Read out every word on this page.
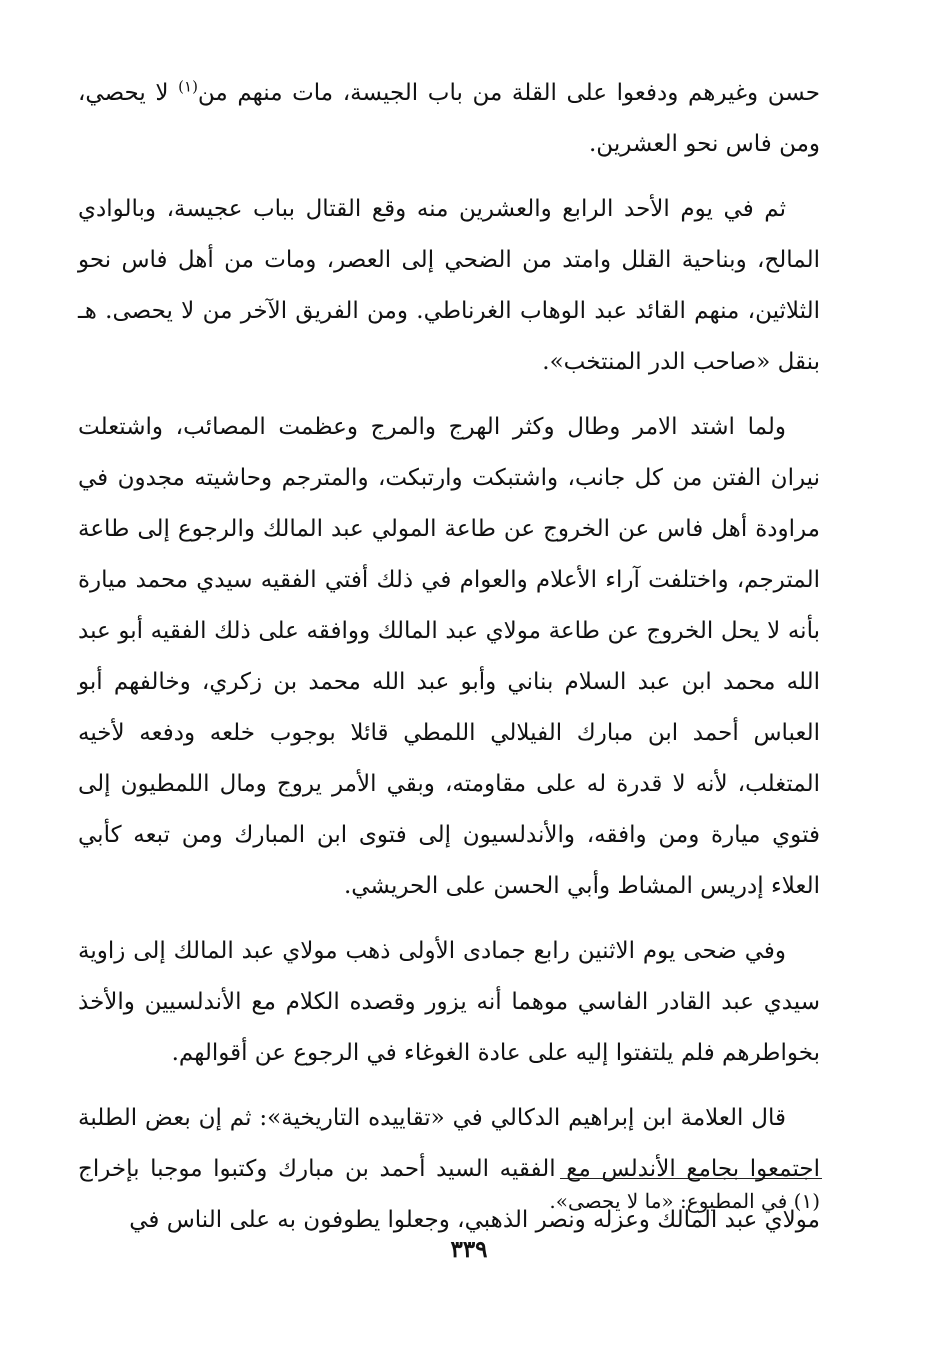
حسن وغيرهم ودفعوا على القلة من باب الجيسة، مات منهم من$^{(١)}$ لا يحصي، ومن فاس نحو العشرين.

ثم في يوم الأحد الرابع والعشرين منه وقع القتال بباب عجيسة، وبالوادي المالح، وبناحية القلل وامتد من الضحي إلى العصر، ومات من أهل فاس نحو الثلاثين، منهم القائد عبد الوهاب الغرناطي. ومن الفريق الآخر من لا يحصى. هـ بنقل «صاحب الدر المنتخب».

ولما اشتد الامر وطال وكثر الهرج والمرج وعظمت المصائب، واشتعلت نيران الفتن من كل جانب، واشتبكت وارتبكت، والمترجم وحاشيته مجدون في مراودة أهل فاس عن الخروج عن طاعة المولي عبد المالك والرجوع إلى طاعة المترجم، واختلفت آراء الأعلام والعوام في ذلك أفتي الفقيه سيدي محمد ميارة بأنه لا يحل الخروج عن طاعة مولاي عبد المالك ووافقه على ذلك الفقيه أبو عبد الله محمد ابن عبد السلام بناني وأبو عبد الله محمد بن زكري، وخالفهم أبو العباس أحمد ابن مبارك الفيلالي اللمطي قائلا بوجوب خلعه ودفعه لأخيه المتغلب، لأنه لا قدرة له على مقاومته، وبقي الأمر يروج ومال اللمطيون إلى فتوي ميارة ومن وافقه، والأندلسيون إلى فتوى ابن المبارك ومن تبعه كأبي العلاء إدريس المشاط وأبي الحسن على الحريشي.

وفي ضحى يوم الاثنين رابع جمادى الأولى ذهب مولاي عبد المالك إلى زاوية سيدي عبد القادر الفاسي موهما أنه يزور وقصده الكلام مع الأندلسيين والأخذ بخواطرهم فلم يلتفتوا إليه على عادة الغوغاء في الرجوع عن أقوالهم.

قال العلامة ابن إبراهيم الدكالي في «تقاييده التاريخية»: ثم إن بعض الطلبة اجتمعوا بجامع الأندلس مع الفقيه السيد أحمد بن مبارك وكتبوا موجبا بإخراج مولاي عبد المالك وعزله ونصر الذهبي، وجعلوا يطوفون به على الناس في

(١) في المطبوع: «ما لا يحصى».

٣٣٩
